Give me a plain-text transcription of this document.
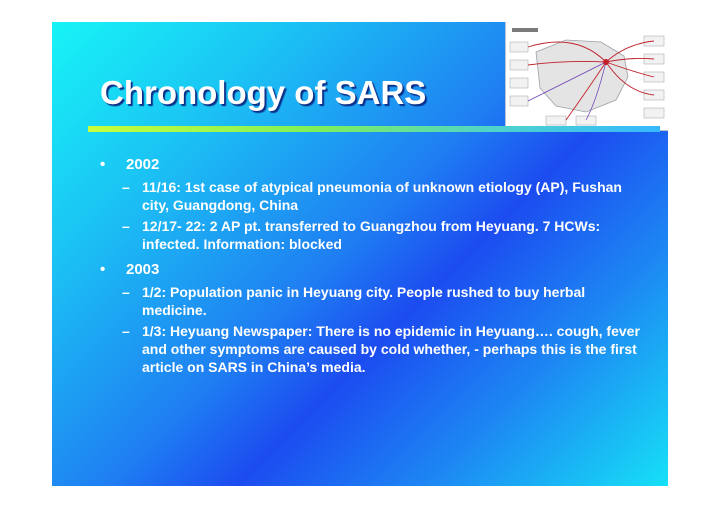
Chronology of SARS
• 2002
– 11/16: 1st case of atypical pneumonia of unknown etiology (AP), Fushan city, Guangdong, China
– 12/17- 22: 2 AP pt. transferred to Guangzhou from Heyuang. 7 HCWs: infected. Information: blocked
• 2003
– 1/2: Population panic in Heyuang city. People rushed to buy herbal medicine.
– 1/3: Heyuang Newspaper: There is no epidemic in Heyuang…. cough, fever and other symptoms are caused by cold whether, - perhaps this is the first article on SARS in China’s media.
